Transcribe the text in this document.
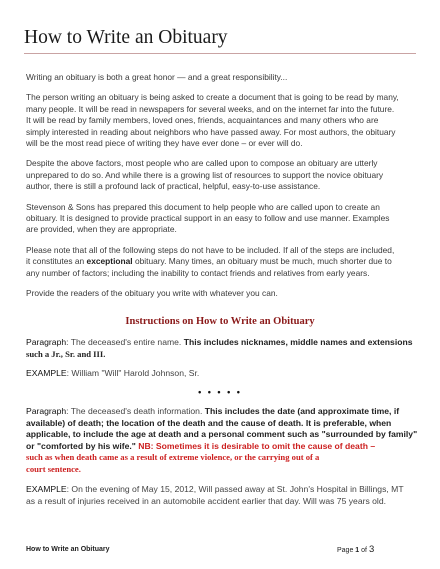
How to Write an Obituary

Writing an obituary is both a great honor — and a great responsibility...

The person writing an obituary is being asked to create a document that is going to be read by many,
many people. It will be read in newspapers for several weeks, and on the internet far into the future.
It will be read by family members, loved ones, friends, acquaintances and many others who are
simply interested in reading about neighbors who have passed away. For most authors, the obituary
will be the most read piece of writing they have ever done – or ever will do.

Despite the above factors, most people who are called upon to compose an obituary are utterly
unprepared to do so. And while there is a growing list of resources to support the novice obituary
author, there is still a profound lack of practical, helpful, easy-to-use assistance.

Stevenson & Sons has prepared this document to help people who are called upon to create an
obituary. It is designed to provide practical support in an easy to follow and use manner. Examples
are provided, when they are appropriate.

Please note that all of the following steps do not have to be included. If all of the steps are included,
it constitutes an exceptional obituary. Many times, an obituary must be much, much shorter due to
any number of factors; including the inability to contact friends and relatives from early years.

Provide the readers of the obituary you write with whatever you can.

Instructions on How to Write an Obituary
Paragraph: The deceased's entire name. This includes nicknames, middle names and extensions
such a Jr., Sr. and III.
EXAMPLE: William "Will" Harold Johnson, Sr.
• • • • •
Paragraph: The deceased's death information. This includes the date (and approximate time, if
available) of death; the location of the death and the cause of death. It is preferable, when
applicable, to include the age at death and a personal comment such as "surrounded by family"
or "comforted by his wife." NB: Sometimes it is desirable to omit the cause of death –
such as when death came as a result of extreme violence, or the carrying out of a
court sentence.
EXAMPLE: On the evening of May 15, 2012, Will passed away at St. John's Hospital in Billings, MT
as a result of injuries received in an automobile accident earlier that day. Will was 75 years old.
How to Write an Obituary	Page 1 of 3
